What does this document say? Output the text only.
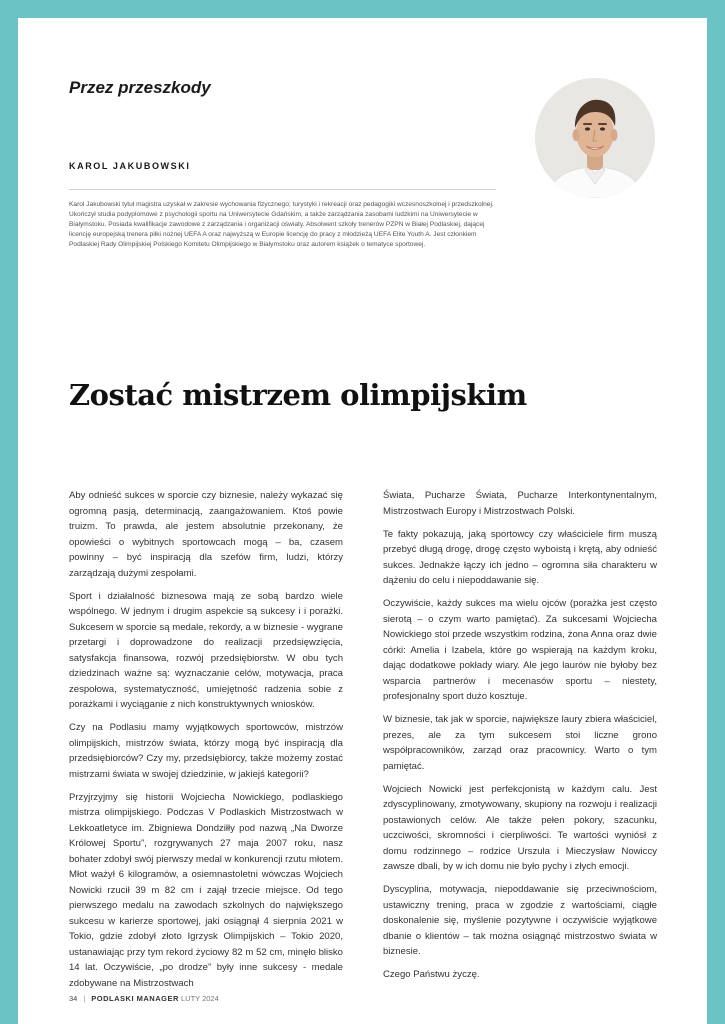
Przez przeszkody
KAROL JAKUBOWSKI
Karol Jakubowski tytuł magistra uzyskał w zakresie wychowania fizycznego; turystyki i rekreacji oraz pedagogiki wczesnoszkolnej i przedszkolnej. Ukończył studia podyplomowe z psychologii sportu na Uniwersytecie Gdańskim, a także zarządzania zasobami ludzkimi na Uniwersytecie w Białymstoku. Posiada kwalifikacje zawodowe z zarządzania i organizacji oświaty. Absolwent szkoły trenerów PZPN w Białej Podlaskiej, dającej licencję europejską trenera piłki nożnej UEFA A oraz najwyższą w Europie licencję do pracy z młodzieżą UEFA Elite Youth A. Jest członkiem Podlaskiej Rady Olimpijskiej Polskiego Komitetu Olimpijskiego w Białymstoku oraz autorem książek o tematyce sportowej.
Zostać mistrzem olimpijskim

Aby odnieść sukces w sporcie czy biznesie, należy wykazać się ogromną pasją, determinacją, zaangażowaniem. Ktoś powie truizm. To prawda, ale jestem absolutnie przekonany, że opowieści o wybitnych sportowcach mogą – ba, czasem powinny – być inspiracją dla szefów firm, ludzi, którzy zarządzają dużymi zespołami.

Sport i działalność biznesowa mają ze sobą bardzo wiele wspólnego. W jednym i drugim aspekcie są sukcesy i i porażki. Sukcesem w sporcie są medale, rekordy, a w biznesie - wygrane przetargi i doprowadzone do realizacji przedsięwzięcia, satysfakcja finansowa, rozwój przedsiębiorstw. W obu tych dziedzinach ważne są: wyznaczanie celów, motywacja, praca zespołowa, systematyczność, umiejętność radzenia sobie z porażkami i wyciąganie z nich konstruktywnych wniosków.

Czy na Podlasiu mamy wyjątkowych sportowców, mistrzów olimpijskich, mistrzów świata, którzy mogą być inspiracją dla przedsiębiorców? Czy my, przedsiębiorcy, także możemy zostać mistrzami świata w swojej dziedzinie, w jakiejś kategorii?

Przyjrzyjmy się historii Wojciecha Nowickiego, podlaskiego mistrza olimpijskiego. Podczas V Podlaskich Mistrzostwach w Lekkoatletyce im. Zbigniewa Dondziłły pod nazwą „Na Dworze Królowej Sportu”, rozgrywanych 27 maja 2007 roku, nasz bohater zdobył swój pierwszy medal w konkurencji rzutu młotem. Młot ważył 6 kilogramów, a osiemnastoletni wówczas Wojciech Nowicki rzucił 39 m 82 cm i zajął trzecie miejsce. Od tego pierwszego medalu na zawodach szkolnych do największego sukcesu w karierze sportowej, jaki osiągnął 4 sierpnia 2021 w Tokio, gdzie zdobył złoto Igrzysk Olimpijskich – Tokio 2020, ustanawiając przy tym rekord życiowy 82 m 52 cm, minęło blisko 14 lat. Oczywiście, „po drodze” były inne sukcesy - medale zdobywane na Mistrzostwach

Świata, Pucharze Świata, Pucharze Interkontynentalnym, Mistrzostwach Europy i Mistrzostwach Polski.

Te fakty pokazują, jaką sportowcy czy właściciele firm muszą przebyć długą drogę, drogę często wyboistą i krętą, aby odnieść sukces. Jednakże łączy ich jedno – ogromna siła charakteru w dążeniu do celu i niepoddawanie się.

Oczywiście, każdy sukces ma wielu ojców (porażka jest często sierotą – o czym warto pamiętać). Za sukcesami Wojciecha Nowickiego stoi przede wszystkim rodzina, żona Anna oraz dwie córki: Amelia i Izabela, które go wspierają na każdym kroku, dając dodatkowe pokłady wiary. Ale jego laurów nie byłoby bez wsparcia partnerów i mecenasów sportu – niestety, profesjonalny sport dużo kosztuje.

W biznesie, tak jak w sporcie, największe laury zbiera właściciel, prezes, ale za tym sukcesem stoi liczne grono współpracowników, zarząd oraz pracownicy. Warto o tym pamiętać.

Wojciech Nowicki jest perfekcjonistą w każdym calu. Jest zdyscyplinowany, zmotywowany, skupiony na rozwoju i realizacji postawionych celów. Ale także pełen pokory, szacunku, uczciwości, skromności i cierpliwości. Te wartości wyniósł z domu rodzinnego – rodzice Urszula i Mieczysław Nowiccy zawsze dbali, by w ich domu nie było pychy i złych emocji.

Dyscyplina, motywacja, niepoddawanie się przeciwnościom, ustawiczny trening, praca w zgodzie z wartościami, ciągłe doskonalenie się, myślenie pozytywne i oczywiście wyjątkowe dbanie o klientów – tak można osiągnąć mistrzostwo świata w biznesie.

Czego Państwu życzę.

34 | PODLASKI MANAGER LUTY 2024
